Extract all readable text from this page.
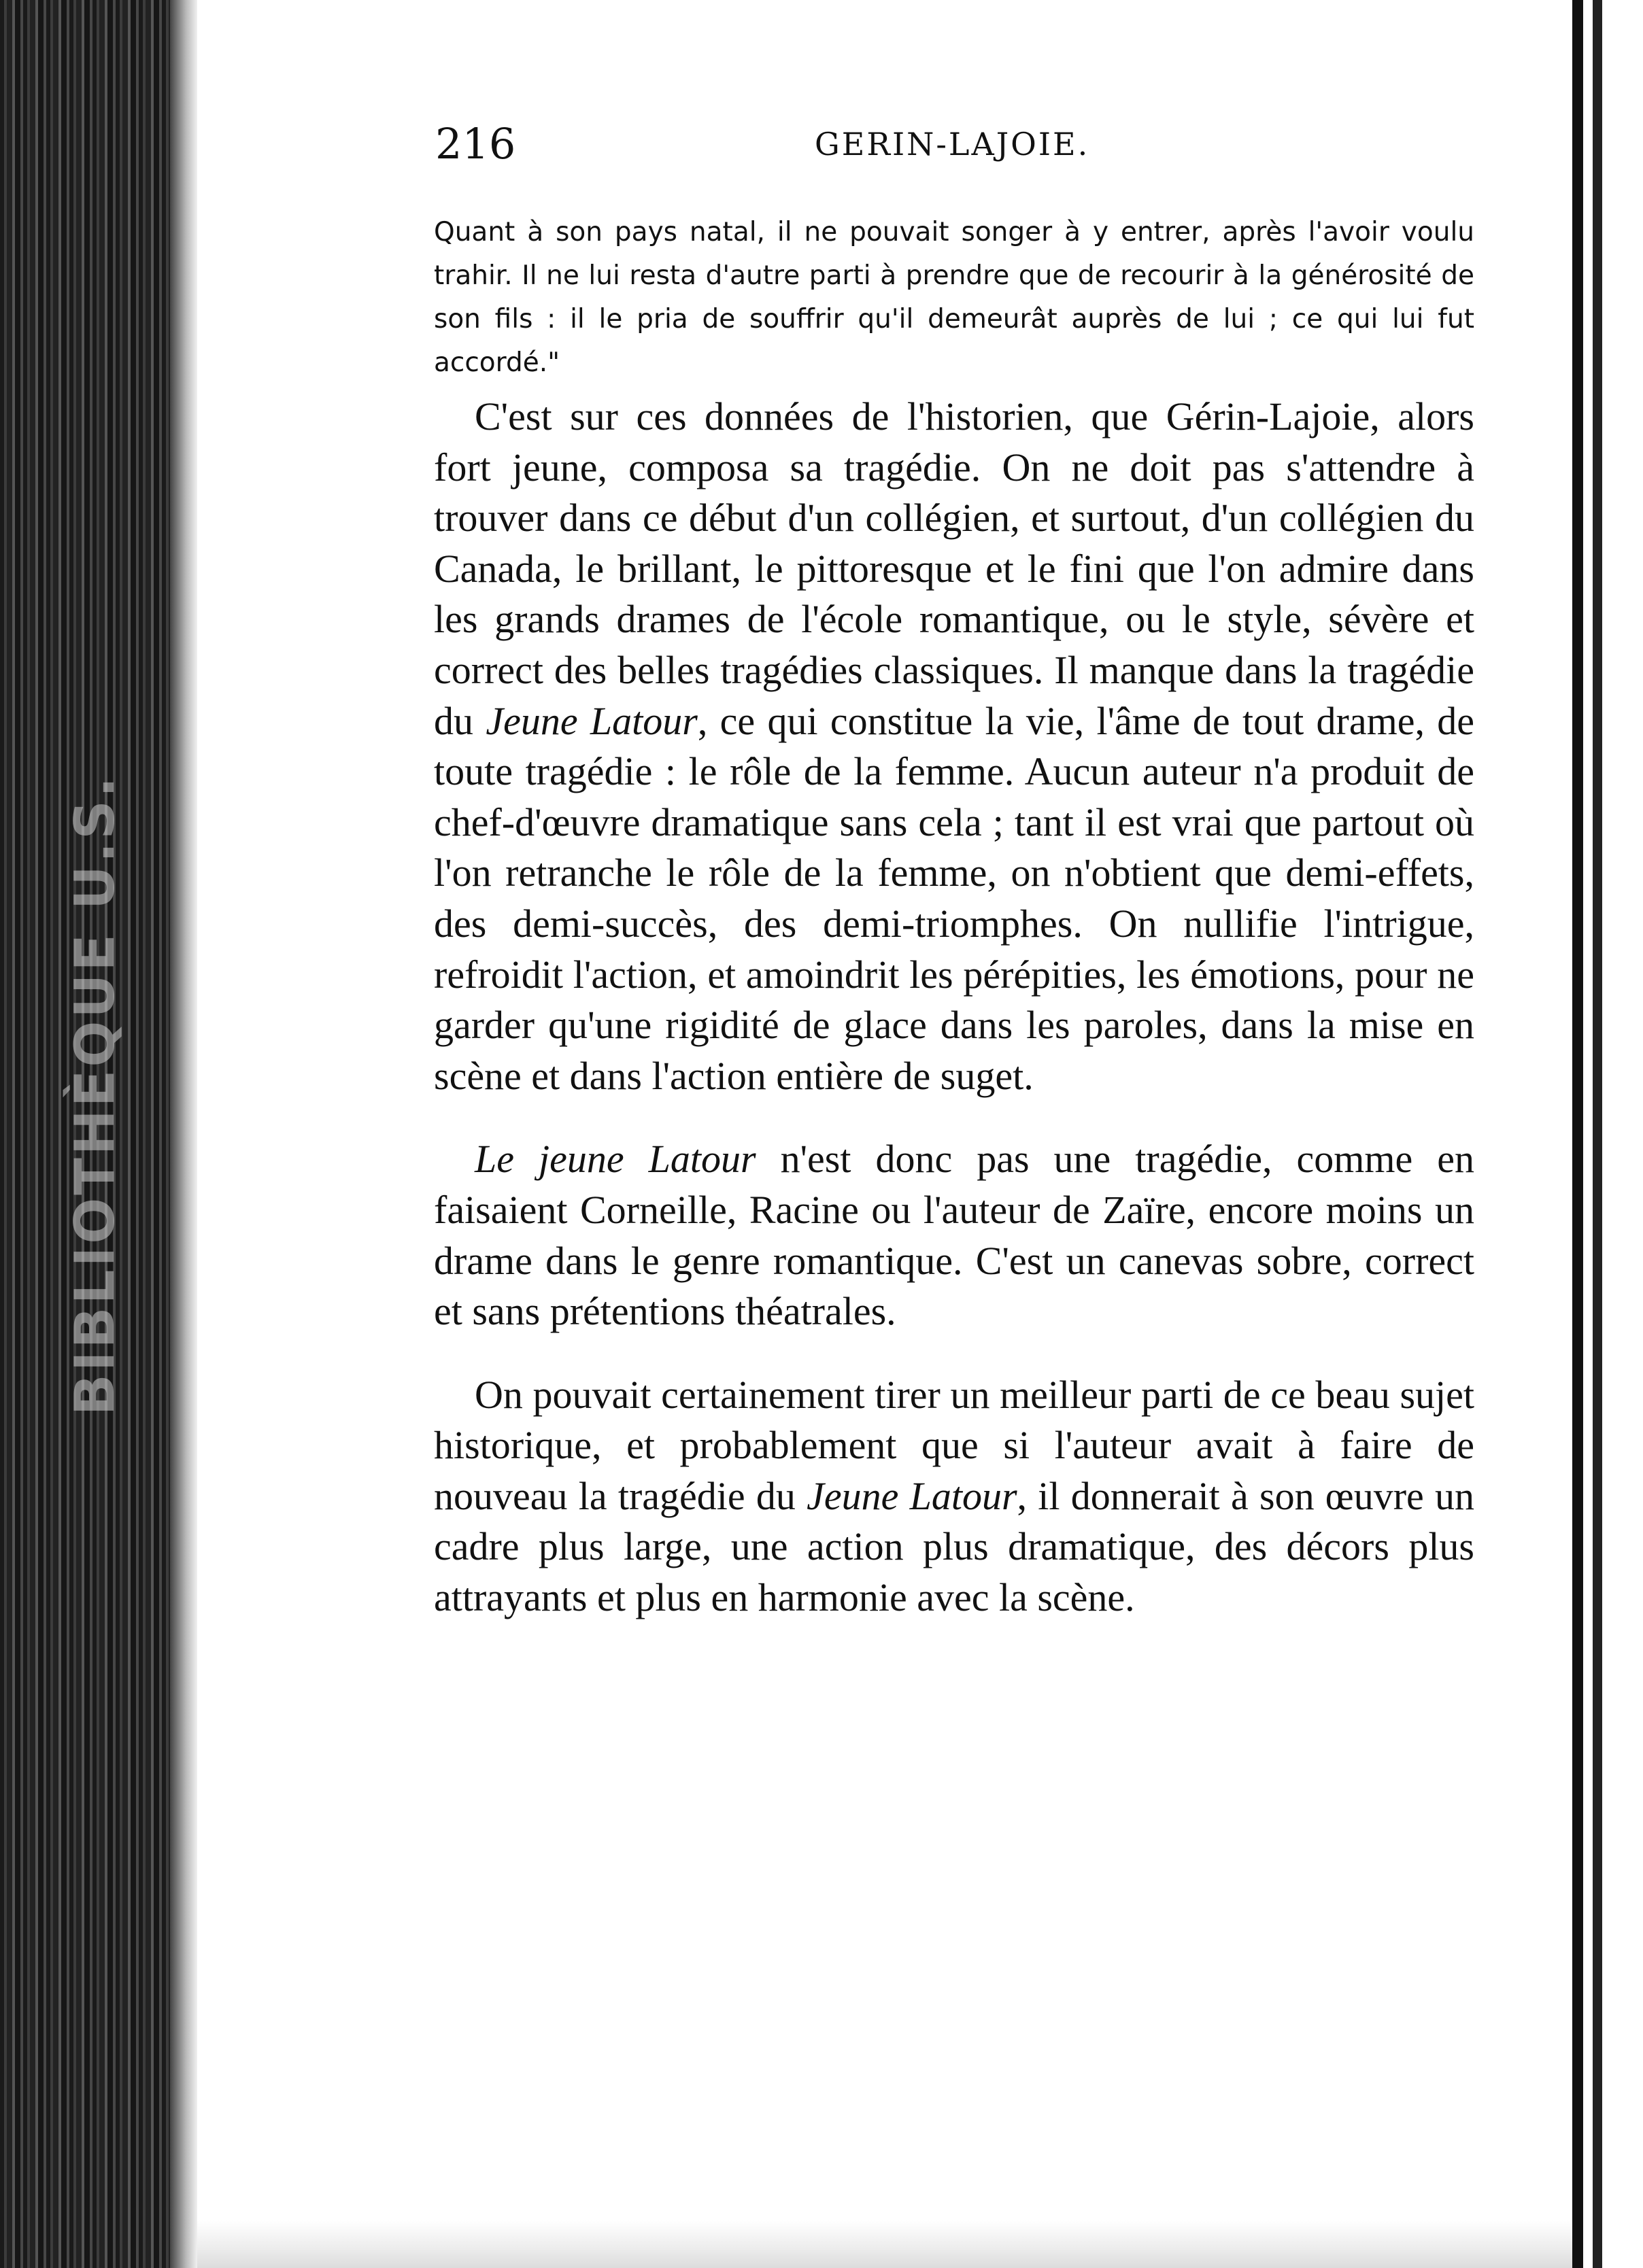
BIBLIOTHÈQUE U.S.
216	GERIN-LAJOIE.
Quant à son pays natal, il ne pouvait songer à y entrer, après l'avoir voulu trahir. Il ne lui resta d'autre parti à prendre que de recourir à la générosité de son fils : il le pria de souffrir qu'il demeurât auprès de lui ; ce qui lui fut accordé."

C'est sur ces données de l'historien, que Gérin-Lajoie, alors fort jeune, composa sa tragédie. On ne doit pas s'attendre à trouver dans ce début d'un collégien, et surtout, d'un collégien du Canada, le brillant, le pittoresque et le fini que l'on admire dans les grands drames de l'école romantique, ou le style, sévère et correct des belles tragédies classiques. Il manque dans la tragédie du Jeune Latour, ce qui constitue la vie, l'âme de tout drame, de toute tragédie : le rôle de la femme. Aucun auteur n'a produit de chef-d'œuvre dramatique sans cela ; tant il est vrai que partout où l'on retranche le rôle de la femme, on n'obtient que demi-effets, des demi-succès, des demi-triomphes. On nullifie l'intrigue, refroidit l'action, et amoindrit les pérépities, les émotions, pour ne garder qu'une rigidité de glace dans les paroles, dans la mise en scène et dans l'action entière de suget.

Le jeune Latour n'est donc pas une tragédie, comme en faisaient Corneille, Racine ou l'auteur de Zaïre, encore moins un drame dans le genre romantique. C'est un canevas sobre, correct et sans prétentions théatrales.

On pouvait certainement tirer un meilleur parti de ce beau sujet historique, et probablement que si l'auteur avait à faire de nouveau la tragédie du Jeune Latour, il donnerait à son œuvre un cadre plus large, une action plus dramatique, des décors plus attrayants et plus en harmonie avec la scène.
